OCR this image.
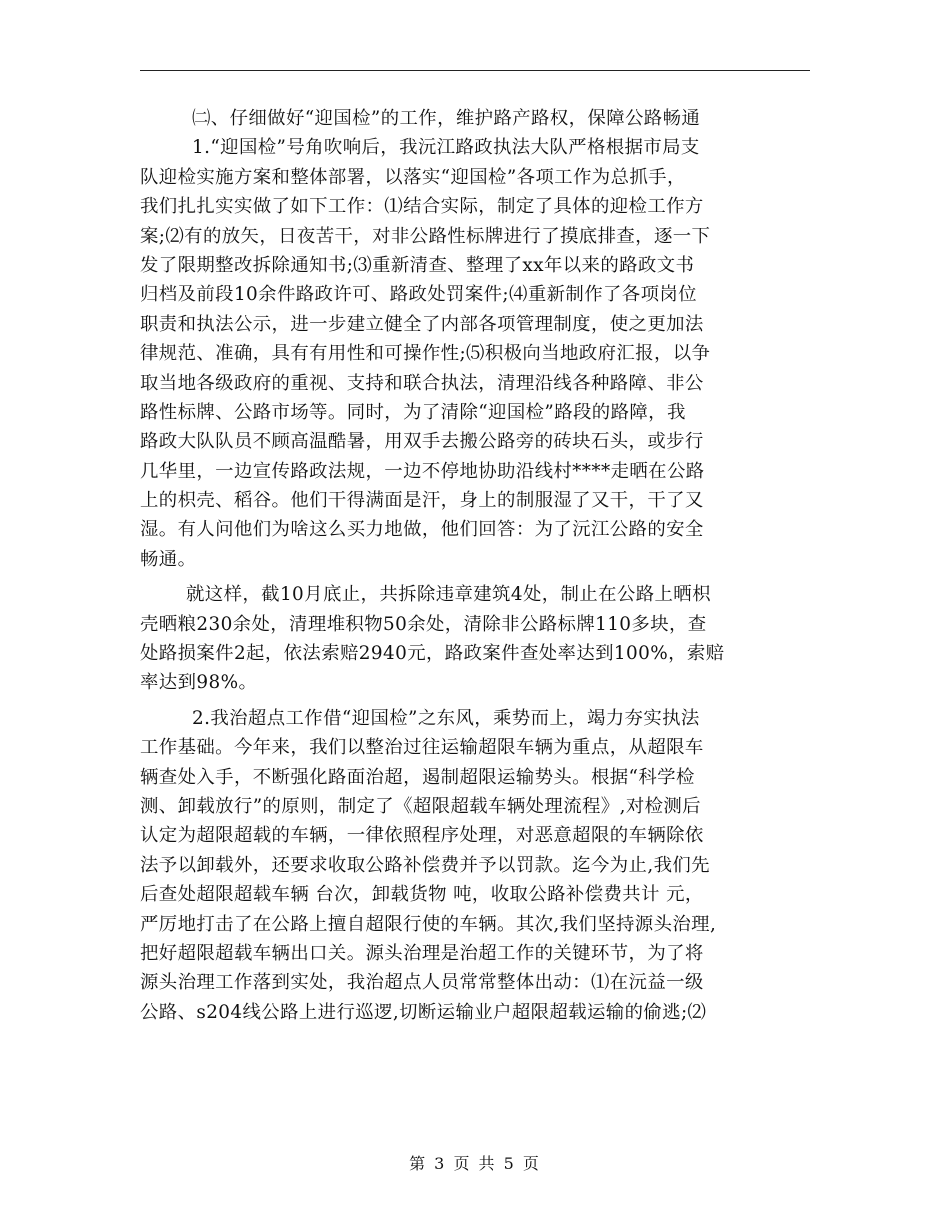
㈡、仔细做好“迎国检”的工作，维护路产路权，保障公路畅通
1.“迎国检”号角吹响后，我沅江路政执法大队严格根据市局支
队迎检实施方案和整体部署，以落实“迎国检”各项工作为总抓手，
我们扎扎实实做了如下工作：⑴结合实际，制定了具体的迎检工作方
案;⑵有的放矢，日夜苦干，对非公路性标牌进行了摸底排查，逐一下
发了限期整改拆除通知书;⑶重新清查、整理了xx年以来的路政文书
归档及前段10余件路政许可、路政处罚案件;⑷重新制作了各项岗位
职责和执法公示，进一步建立健全了内部各项管理制度，使之更加法
律规范、准确，具有有用性和可操作性;⑸积极向当地政府汇报，以争
取当地各级政府的重视、支持和联合执法，清理沿线各种路障、非公
路性标牌、公路市场等。同时，为了清除“迎国检”路段的路障，我
路政大队队员不顾高温酷暑，用双手去搬公路旁的砖块石头，或步行
几华里，一边宣传路政法规，一边不停地协助沿线村****走晒在公路
上的枳壳、稻谷。他们干得满面是汗，身上的制服湿了又干，干了又
湿。有人问他们为啥这么买力地做，他们回答：为了沅江公路的安全
畅通。
就这样，截10月底止，共拆除违章建筑4处，制止在公路上晒枳
壳晒粮230余处，清理堆积物50余处，清除非公路标牌110多块，查
处路损案件2起，依法索赔2940元，路政案件查处率达到100%，索赔
率达到98%。
2.我治超点工作借“迎国检”之东风，乘势而上，竭力夯实执法
工作基础。今年来，我们以整治过往运输超限车辆为重点，从超限车
辆查处入手，不断强化路面治超，遏制超限运输势头。根据“科学检
测、卸载放行”的原则，制定了《超限超载车辆处理流程》,对检测后
认定为超限超载的车辆，一律依照程序处理，对恶意超限的车辆除依
法予以卸载外，还要求收取公路补偿费并予以罚款。迄今为止,我们先
后查处超限超载车辆 台次，卸载货物 吨，收取公路补偿费共计 元，
严厉地打击了在公路上擅自超限行使的车辆。其次,我们坚持源头治理,
把好超限超载车辆出口关。源头治理是治超工作的关键环节，为了将
源头治理工作落到实处，我治超点人员常常整体出动：⑴在沅益一级
公路、s204线公路上进行巡逻,切断运输业户超限超载运输的偷逃;⑵
第 3 页 共 5 页
